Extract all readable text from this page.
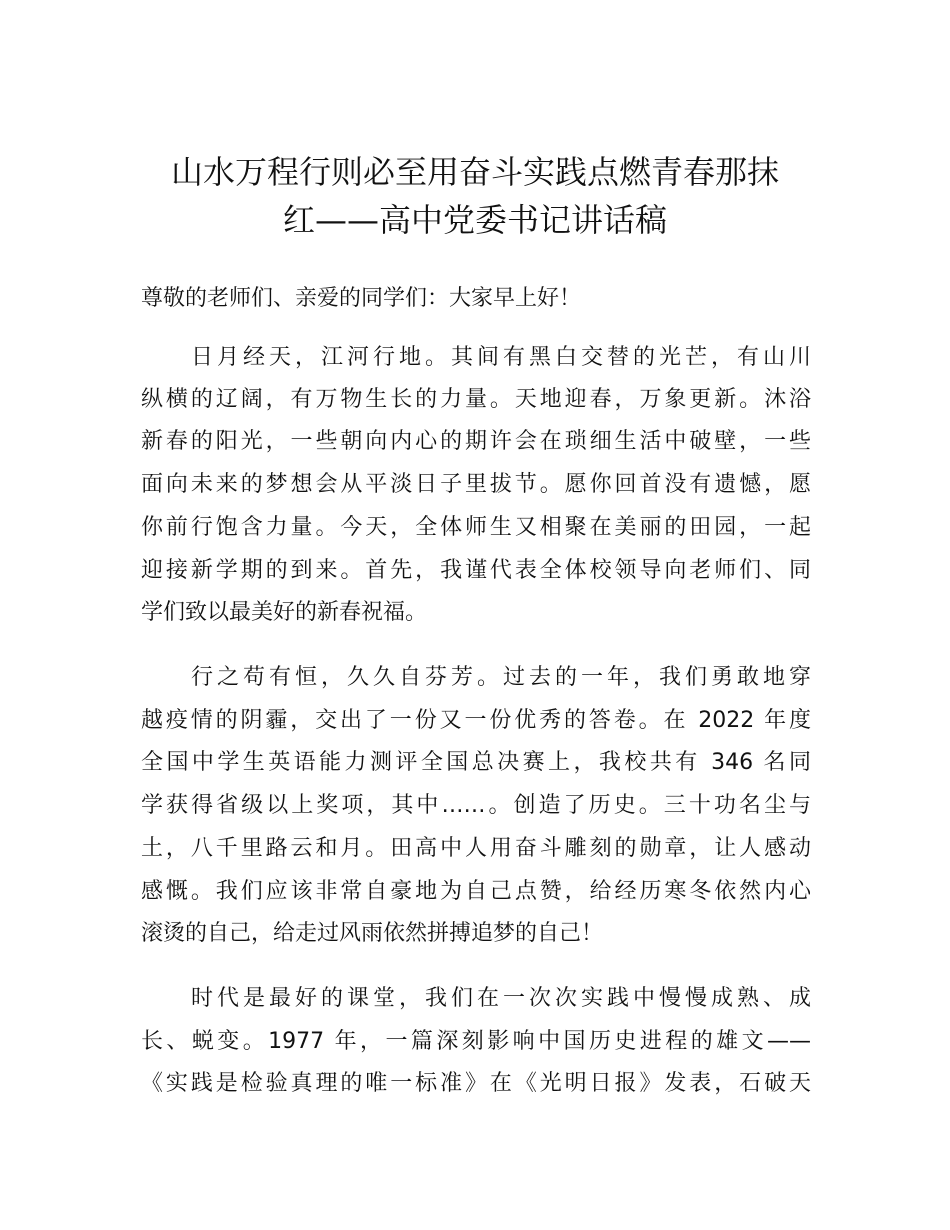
山水万程行则必至用奋斗实践点燃青春那抹
红——高中党委书记讲话稿
尊敬的老师们、亲爱的同学们：大家早上好！
日月经天，江河行地。其间有黑白交替的光芒，有山川
纵横的辽阔，有万物生长的力量。天地迎春，万象更新。沐浴
新春的阳光，一些朝向内心的期许会在琐细生活中破壁，一些
面向未来的梦想会从平淡日子里拔节。愿你回首没有遗憾，愿
你前行饱含力量。今天，全体师生又相聚在美丽的田园，一起
迎接新学期的到来。首先，我谨代表全体校领导向老师们、同
学们致以最美好的新春祝福。
行之苟有恒，久久自芬芳。过去的一年，我们勇敢地穿
越疫情的阴霾，交出了一份又一份优秀的答卷。在 2022 年度
全国中学生英语能力测评全国总决赛上，我校共有 346 名同
学获得省级以上奖项，其中……。创造了历史。三十功名尘与
土，八千里路云和月。田高中人用奋斗雕刻的勋章，让人感动
感慨。我们应该非常自豪地为自己点赞，给经历寒冬依然内心
滚烫的自己，给走过风雨依然拼搏追梦的自己！
时代是最好的课堂，我们在一次次实践中慢慢成熟、成
长、蜕变。1977 年，一篇深刻影响中国历史进程的雄文——
《实践是检验真理的唯一标准》在《光明日报》发表，石破天
